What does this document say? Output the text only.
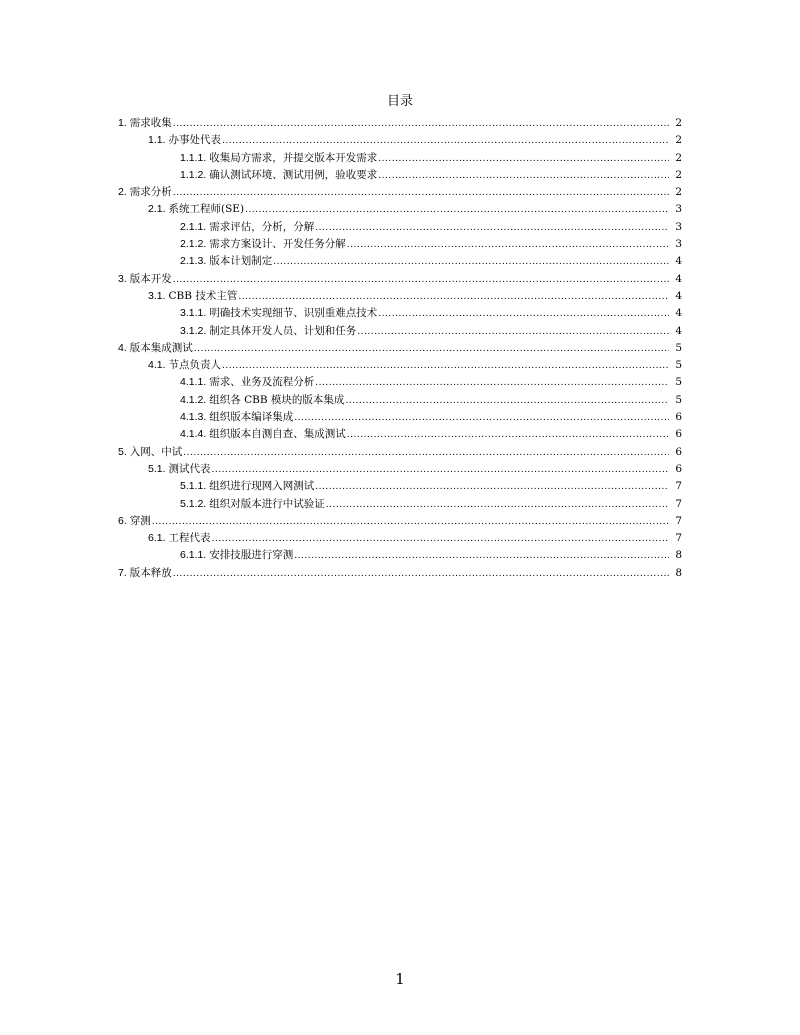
目录
1. 需求收集 .....	2
1.1. 办事处代表 .....	2
1.1.1. 收集局方需求，并提交版本开发需求 .....	2
1.1.2. 确认测试环境、测试用例，验收要求 .....	2
2. 需求分析 .....	2
2.1. 系统工程师(SE) .....	3
2.1.1. 需求评估，分析，分解 .....	3
2.1.2. 需求方案设计、开发任务分解 .....	3
2.1.3. 版本计划制定 .....	4
3. 版本开发 .....	4
3.1. CBB 技术主管 .....	4
3.1.1. 明确技术实现细节、识别重难点技术 .....	4
3.1.2. 制定具体开发人员、计划和任务 .....	4
4. 版本集成测试 .....	5
4.1. 节点负责人 .....	5
4.1.1. 需求、业务及流程分析 .....	5
4.1.2. 组织各 CBB 模块的版本集成 .....	5
4.1.3. 组织版本编译集成 .....	6
4.1.4. 组织版本自测自查、集成测试 .....	6
5. 入网、中试 .....	6
5.1. 测试代表 .....	6
5.1.1. 组织进行现网入网测试 .....	7
5.1.2. 组织对版本进行中试验证 .....	7
6. 穿测 .....	7
6.1. 工程代表 .....	7
6.1.1. 安排技服进行穿测 .....	8
7. 版本释放 .....	8
1
